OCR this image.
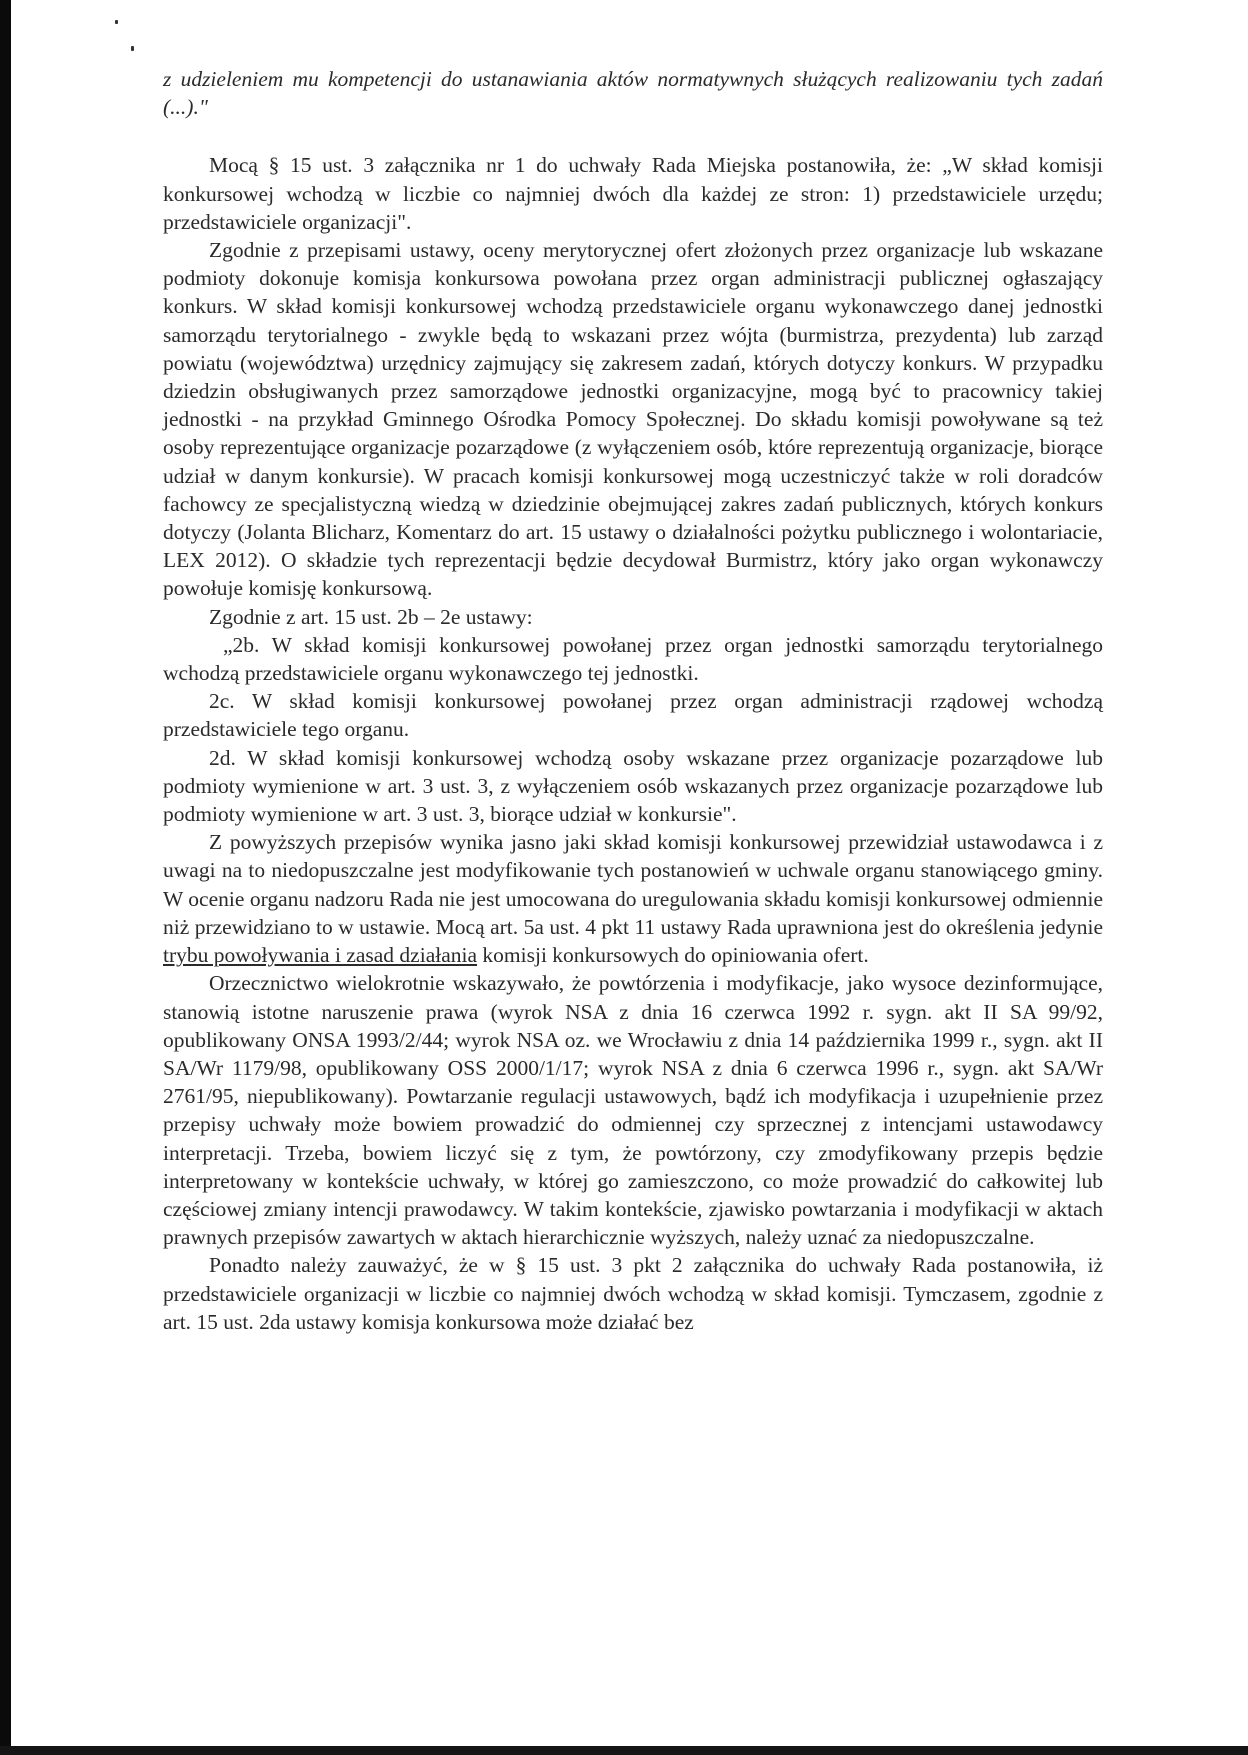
z udzieleniem mu kompetencji do ustanawiania aktów normatywnych służących realizowaniu tych zadań (...)."

Mocą § 15 ust. 3 załącznika nr 1 do uchwały Rada Miejska postanowiła, że: „W skład komisji konkursowej wchodzą w liczbie co najmniej dwóch dla każdej ze stron: 1) przedstawiciele urzędu; przedstawiciele organizacji".

Zgodnie z przepisami ustawy, oceny merytorycznej ofert złożonych przez organizacje lub wskazane podmioty dokonuje komisja konkursowa powołana przez organ administracji publicznej ogłaszający konkurs. W skład komisji konkursowej wchodzą przedstawiciele organu wykonawczego danej jednostki samorządu terytorialnego - zwykle będą to wskazani przez wójta (burmistrza, prezydenta) lub zarząd powiatu (województwa) urzędnicy zajmujący się zakresem zadań, których dotyczy konkurs. W przypadku dziedzin obsługiwanych przez samorządowe jednostki organizacyjne, mogą być to pracownicy takiej jednostki - na przykład Gminnego Ośrodka Pomocy Społecznej. Do składu komisji powoływane są też osoby reprezentujące organizacje pozarządowe (z wyłączeniem osób, które reprezentują organizacje, biorące udział w danym konkursie). W pracach komisji konkursowej mogą uczestniczyć także w roli doradców fachowcy ze specjalistyczną wiedzą w dziedzinie obejmującej zakres zadań publicznych, których konkurs dotyczy (Jolanta Blicharz, Komentarz do art. 15 ustawy o działalności pożytku publicznego i wolontariacie, LEX 2012). O składzie tych reprezentacji będzie decydował Burmistrz, który jako organ wykonawczy powołuje komisję konkursową.

Zgodnie z art. 15 ust. 2b – 2e ustawy:

„2b. W skład komisji konkursowej powołanej przez organ jednostki samorządu terytorialnego wchodzą przedstawiciele organu wykonawczego tej jednostki.

2c. W skład komisji konkursowej powołanej przez organ administracji rządowej wchodzą przedstawiciele tego organu.

2d. W skład komisji konkursowej wchodzą osoby wskazane przez organizacje pozarządowe lub podmioty wymienione w art. 3 ust. 3, z wyłączeniem osób wskazanych przez organizacje pozarządowe lub podmioty wymienione w art. 3 ust. 3, biorące udział w konkursie".

Z powyższych przepisów wynika jasno jaki skład komisji konkursowej przewidział ustawodawca i z uwagi na to niedopuszczalne jest modyfikowanie tych postanowień w uchwale organu stanowiącego gminy. W ocenie organu nadzoru Rada nie jest umocowana do uregulowania składu komisji konkursowej odmiennie niż przewidziano to w ustawie. Mocą art. 5a ust. 4 pkt 11 ustawy Rada uprawniona jest do określenia jedynie trybu powoływania i zasad działania komisji konkursowych do opiniowania ofert.

Orzecznictwo wielokrotnie wskazywało, że powtórzenia i modyfikacje, jako wysoce dezinformujące, stanowią istotne naruszenie prawa (wyrok NSA z dnia 16 czerwca 1992 r. sygn. akt II SA 99/92, opublikowany ONSA 1993/2/44; wyrok NSA oz. we Wrocławiu z dnia 14 października 1999 r., sygn. akt II SA/Wr 1179/98, opublikowany OSS 2000/1/17; wyrok NSA z dnia 6 czerwca 1996 r., sygn. akt SA/Wr 2761/95, niepublikowany). Powtarzanie regulacji ustawowych, bądź ich modyfikacja i uzupełnienie przez przepisy uchwały może bowiem prowadzić do odmiennej czy sprzecznej z intencjami ustawodawcy interpretacji. Trzeba, bowiem liczyć się z tym, że powtórzony, czy zmodyfikowany przepis będzie interpretowany w kontekście uchwały, w której go zamieszczono, co może prowadzić do całkowitej lub częściowej zmiany intencji prawodawcy. W takim kontekście, zjawisko powtarzania i modyfikacji w aktach prawnych przepisów zawartych w aktach hierarchicznie wyższych, należy uznać za niedopuszczalne.

Ponadto należy zauważyć, że w § 15 ust. 3 pkt 2 załącznika do uchwały Rada postanowiła, iż przedstawiciele organizacji w liczbie co najmniej dwóch wchodzą w skład komisji. Tymczasem, zgodnie z art. 15 ust. 2da ustawy komisja konkursowa może działać bez
